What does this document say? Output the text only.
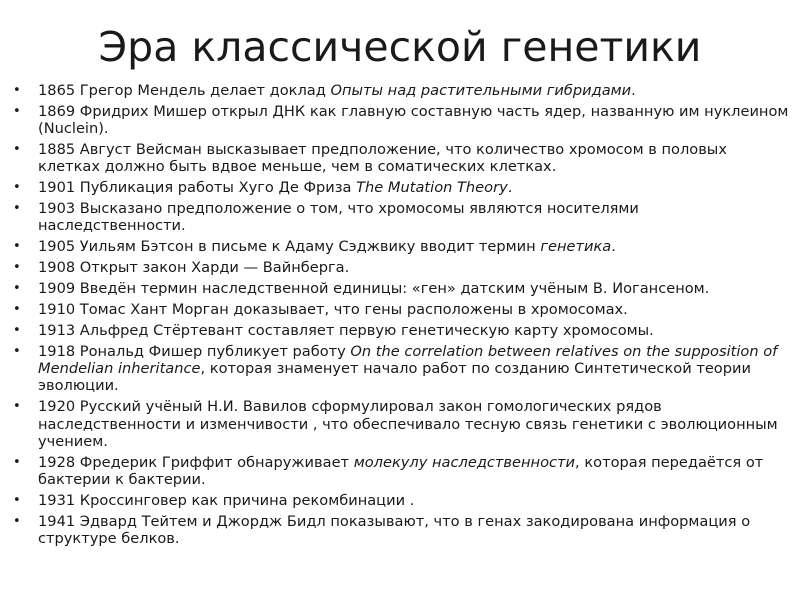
Эра классической генетики
• 1865 Грегор Мендель делает доклад Опыты над растительными гибридами.
• 1869 Фридрих Мишер открыл ДНК как главную составную часть ядер, названную им нуклеином (Nuclein).
• 1885 Август Вейсман высказывает предположение, что количество хромосом в половых клетках должно быть вдвое меньше, чем в соматических клетках.
• 1901 Публикация работы Хуго Де Фриза The Mutation Theory.
• 1903 Высказано предположение о том, что хромосомы являются носителями наследственности.
• 1905 Уильям Бэтсон в письме к Адаму Сэджвику вводит термин генетика.
• 1908 Открыт закон Харди — Вайнберга.
• 1909 Введён термин наследственной единицы: «ген» датским учёным В. Иогансеном.
• 1910 Томас Хант Морган доказывает, что гены расположены в хромосомах.
• 1913 Альфред Стёртевант составляет первую генетическую карту хромосомы.
• 1918 Рональд Фишер публикует работу On the correlation between relatives on the supposition of Mendelian inheritance, которая знаменует начало работ по созданию Синтетической теории эволюции.
• 1920 Русский учёный Н.И. Вавилов сформулировал закон гомологических рядов наследственности и изменчивости , что обеспечивало тесную связь генетики с эволюционным учением.
• 1928 Фредерик Гриффит обнаруживает молекулу наследственности, которая передаётся от бактерии к бактерии.
• 1931 Кроссинговер как причина рекомбинации .
• 1941 Эдвард Тейтем и Джордж Бидл показывают, что в генах закодирована информация о структуре белков.
